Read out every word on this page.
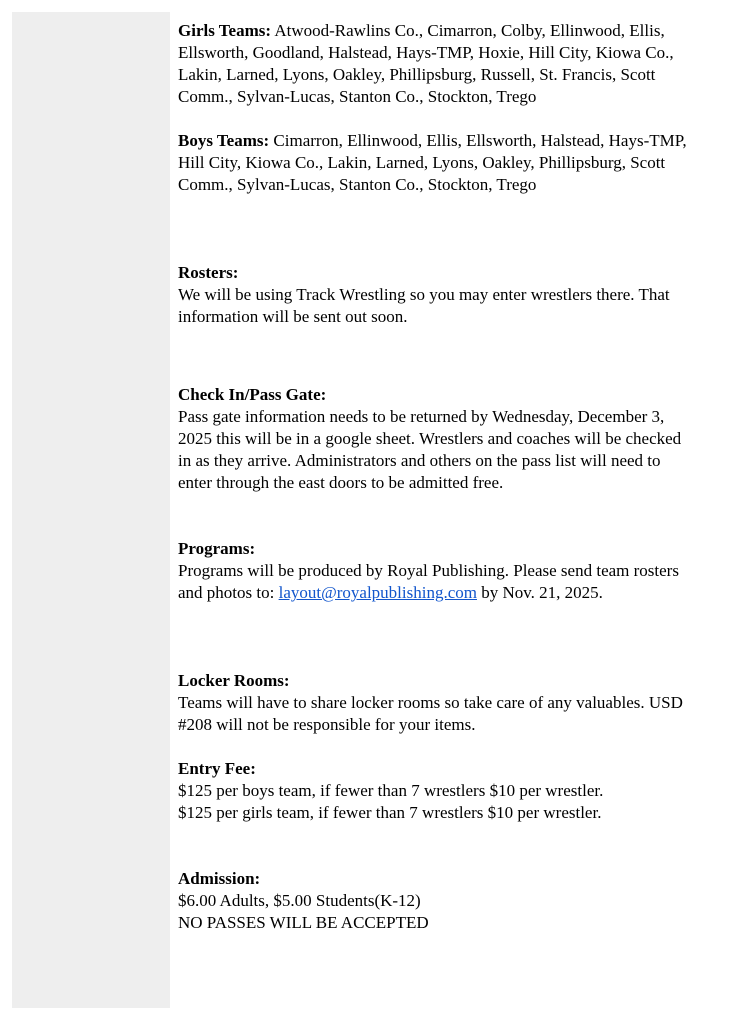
Girls Teams: Atwood-Rawlins Co., Cimarron, Colby, Ellinwood, Ellis, Ellsworth, Goodland, Halstead, Hays-TMP, Hoxie, Hill City, Kiowa Co., Lakin, Larned, Lyons, Oakley, Phillipsburg, Russell, St. Francis, Scott Comm., Sylvan-Lucas, Stanton Co., Stockton, Trego

Boys Teams: Cimarron, Ellinwood, Ellis, Ellsworth, Halstead, Hays-TMP, Hill City, Kiowa Co., Lakin, Larned, Lyons, Oakley, Phillipsburg, Scott Comm., Sylvan-Lucas, Stanton Co., Stockton, Trego

Rosters:

We will be using Track Wrestling so you may enter wrestlers there. That information will be sent out soon.

Check In/Pass Gate:

Pass gate information needs to be returned by Wednesday, December 3, 2025 this will be in a google sheet. Wrestlers and coaches will be checked in as they arrive. Administrators and others on the pass list will need to enter through the east doors to be admitted free.

Programs:

Programs will be produced by Royal Publishing. Please send team rosters and photos to: layout@royalpublishing.com by Nov. 21, 2025.

Locker Rooms:

Teams will have to share locker rooms so take care of any valuables. USD #208 will not be responsible for your items.

Entry Fee:
$125 per boys team, if fewer than 7 wrestlers $10 per wrestler.
$125 per girls team, if fewer than 7 wrestlers $10 per wrestler.
Admission:
$6.00 Adults, $5.00 Students(K-12)
NO PASSES WILL BE ACCEPTED
